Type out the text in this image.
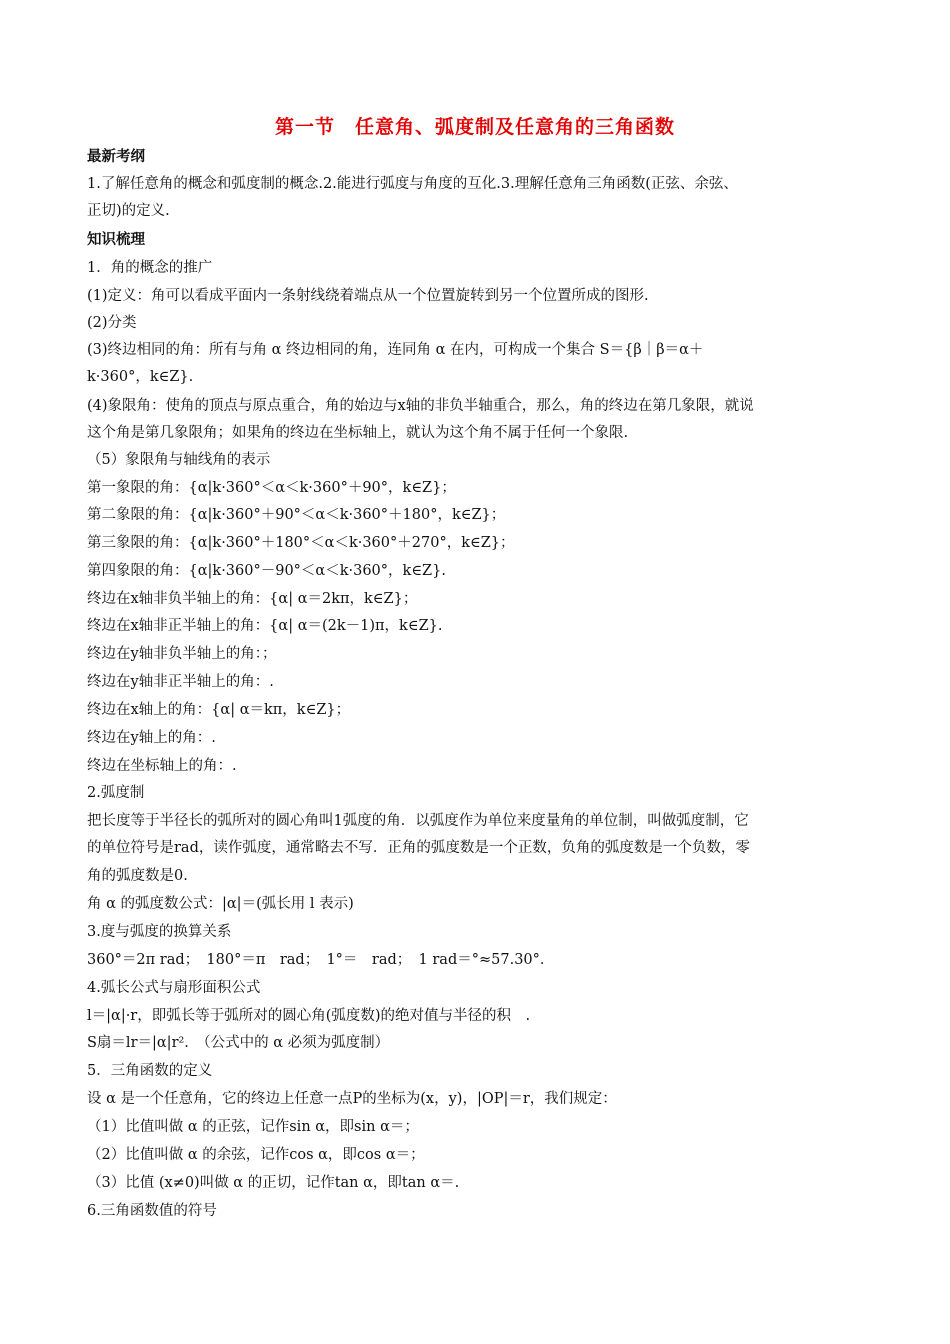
第一节　任意角、弧度制及任意角的三角函数
最新考纲
1.了解任意角的概念和弧度制的概念.2.能进行弧度与角度的互化.3.理解任意角三角函数(正弦、余弦、
正切)的定义.
知识梳理
1．角的概念的推广
(1)定义：角可以看成平面内一条射线绕着端点从一个位置旋转到另一个位置所成的图形.
(2)分类
(3)终边相同的角：所有与角 α 终边相同的角，连同角 α 在内，可构成一个集合 S＝{β｜β＝α＋
k·360°，k∈Z}.
(4)象限角：使角的顶点与原点重合，角的始边与x轴的非负半轴重合，那么，角的终边在第几象限，就说
这个角是第几象限角；如果角的终边在坐标轴上，就认为这个角不属于任何一个象限.
（5）象限角与轴线角的表示
第一象限的角：{α|k·360°＜α＜k·360°＋90°，k∈Z}；
第二象限的角：{α|k·360°＋90°＜α＜k·360°＋180°，k∈Z}；
第三象限的角：{α|k·360°＋180°＜α＜k·360°＋270°，k∈Z}；
第四象限的角：{α|k·360°－90°＜α＜k·360°，k∈Z}.
终边在x轴非负半轴上的角：{α| α＝2kπ，k∈Z}；
终边在x轴非正半轴上的角：{α| α＝(2k－1)π，k∈Z}.
终边在y轴非负半轴上的角：；
终边在y轴非正半轴上的角：.
终边在x轴上的角：{α| α＝kπ，k∈Z}；
终边在y轴上的角：.
终边在坐标轴上的角：.
2.弧度制
把长度等于半径长的弧所对的圆心角叫1弧度的角．以弧度作为单位来度量角的单位制，叫做弧度制，它
的单位符号是rad，读作弧度，通常略去不写．正角的弧度数是一个正数，负角的弧度数是一个负数，零
角的弧度数是0.
角 α 的弧度数公式：|α|＝(弧长用 l 表示)
3.度与弧度的换算关系
360°＝2π rad；　180°＝π　rad；　1°＝　rad；　1 rad＝°≈57.30°．
4.弧长公式与扇形面积公式
l＝|α|·r，即弧长等于弧所对的圆心角(弧度数)的绝对值与半径的积　.
S扇＝lr＝|α|r².　（公式中的 α 必须为弧度制）
5．三角函数的定义
设 α 是一个任意角，它的终边上任意一点P的坐标为(x，y)，|OP|＝r，我们规定：
（1）比值叫做 α 的正弦，记作sin α，即sin α＝；
（2）比值叫做 α 的余弦，记作cos α，即cos α＝；
（3）比值 (x≠0)叫做 α 的正切，记作tan α，即tan α＝.
6.三角函数值的符号
